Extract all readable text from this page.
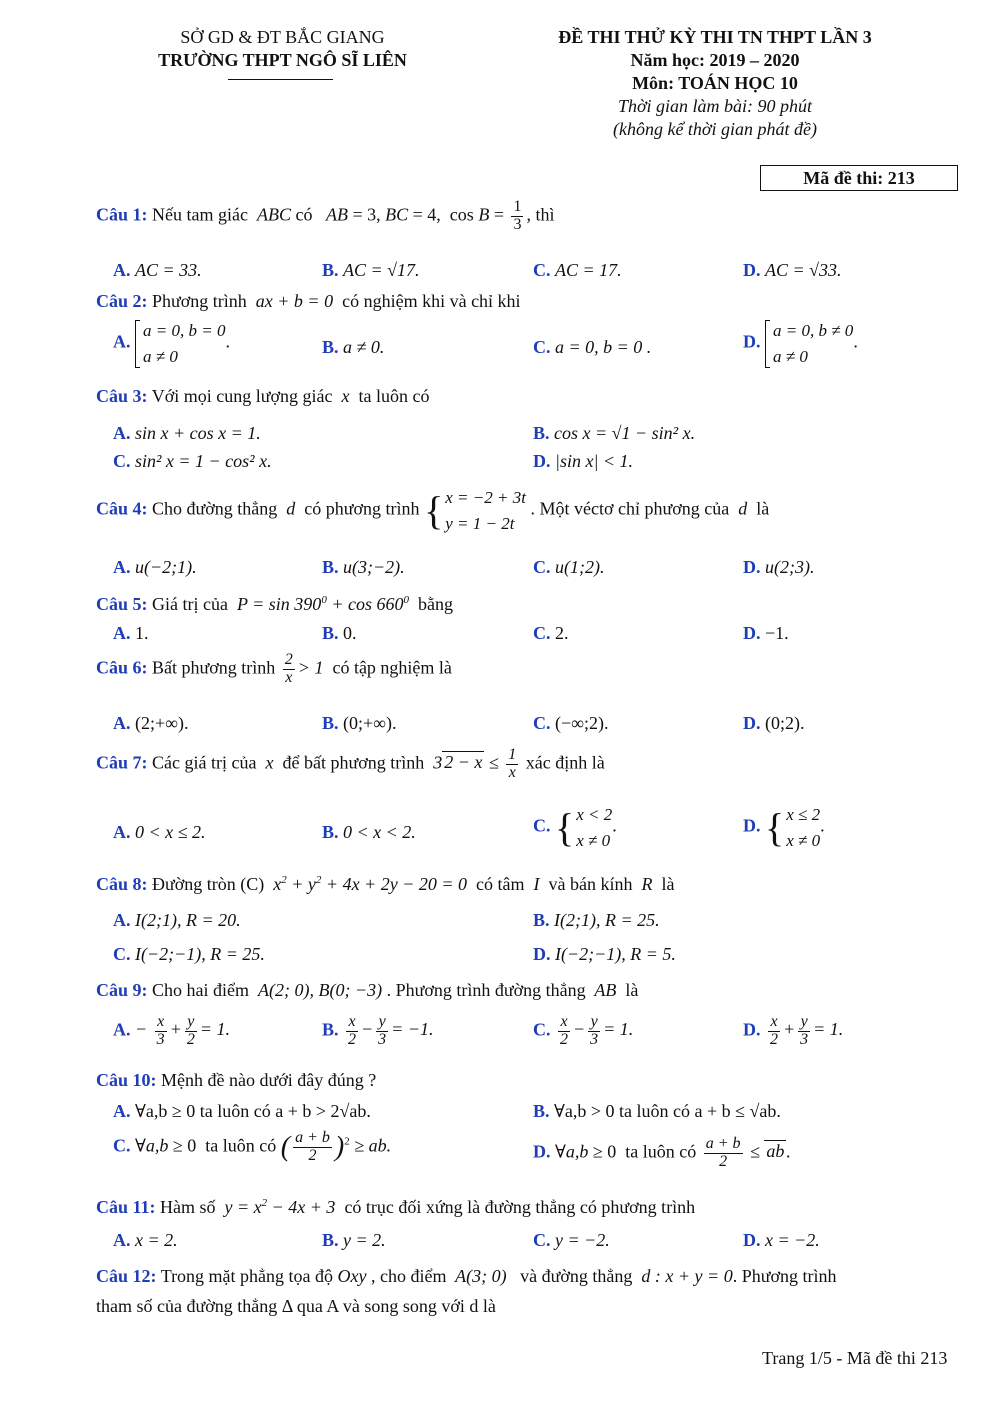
SỞ GD & ĐT BẮC GIANG
TRƯỜNG THPT NGÔ SĨ LIÊN
ĐỀ THI THỬ KỲ THI TN THPT LẦN 3
Năm học: 2019 – 2020
Môn: TOÁN HỌC 10
Thời gian làm bài: 90 phút
(không kể thời gian phát đề)
Mã đề thi: 213
Câu 1: Nếu tam giác  ABC có   AB = 3, BC = 4,  $\cos B = \frac{1}{3}$ , thì
A. AC = 33.	B. AC = √17.	C. AC = 17.	D. AC = √33.
Câu 2: Phương trình  ax + b = 0  có nghiệm khi và chỉ khi
A. a = 0, b = 0
a ≠ 0.	B. a ≠ 0.	C. a = 0, b = 0 .	D. a = 0, b ≠ 0
a ≠ 0.
Câu 3: Với mọi cung lượng giác  x  ta luôn có
A. sin x + cos x = 1.	B. cos x = √1 − sin² x.
C. sin² x = 1 − cos² x.	D. |sin x| < 1.
Câu 4: Cho đường thẳng  d  có phương trình { x = −2 + 3t
y = 1 − 2t . Một véctơ chỉ phương của  d  là
A. u(−2;1).	B. u(3;−2).	C. u(1;2).	D. u(2;3).
Câu 5: Giá trị của  $P = \sin 390^0 + \cos 660^0$ bằng
A. 1.	B. 0.	C. 2.	D. −1.
Câu 6: Bất phương trình $\frac{2}{x} > 1$  có tập nghiệm là
A. (2;+∞).	B. (0;+∞).	C. (−∞;2).	D. (0;2).
Câu 7: Các giá trị của  x  để bất phương trình  3 $2 - x \le \frac{1}{x}$ xác định là
A. 0 < x ≤ 2.	B. 0 < x < 2.	C. { x < 2
x ≠ 0.	D. { x ≤ 2
x ≠ 0.
Câu 8: Đường tròn (C)  $x^2 + y^2 + 4x + 2y - 20 = 0$  có tâm  I  và bán kính  R  là
A. I(2;1), R = 20.	B. I(2;1), R = 25.
C. I(−2;−1), R = 25.	D. I(−2;−1), R = 5.
Câu 9: Cho hai điểm  A(2; 0), B(0; −3) . Phương trình đường thẳng  AB  là
A. − $\frac{x}{3} + \frac{y}{2} = 1$.	B. $\frac{x}{2} - \frac{y}{3} = -1$.	C. $\frac{x}{2} - \frac{y}{3} = 1$.	D. $\frac{x}{2} + \frac{y}{3} = 1$.
Câu 10: Mệnh đề nào dưới đây đúng ?
A. ∀a,b ≥ 0 ta luôn có a + b > 2√ab.	B. ∀a,b > 0 ta luôn có a + b ≤ √ab.
C. ∀a,b ≥ 0  ta luôn có ( $\frac{a + b}{2} )^2$ ≥ ab.	D. ∀a,b ≥ 0  ta luôn có $\frac{a + b}{2}$ ≤ ab .
Câu 11: Hàm số  $y = x^2 - 4x + 3$  có trục đối xứng là đường thẳng có phương trình
A. x = 2.	B. y = 2.	C. y = −2.	D. x = −2.
Câu 12: Trong mặt phẳng tọa độ Oxy , cho điểm  A(3; 0)   và đường thẳng  d : x + y = 0. Phương trình
tham số của đường thẳng Δ qua A và song song với d là
Trang 1/5 - Mã đề thi 213
